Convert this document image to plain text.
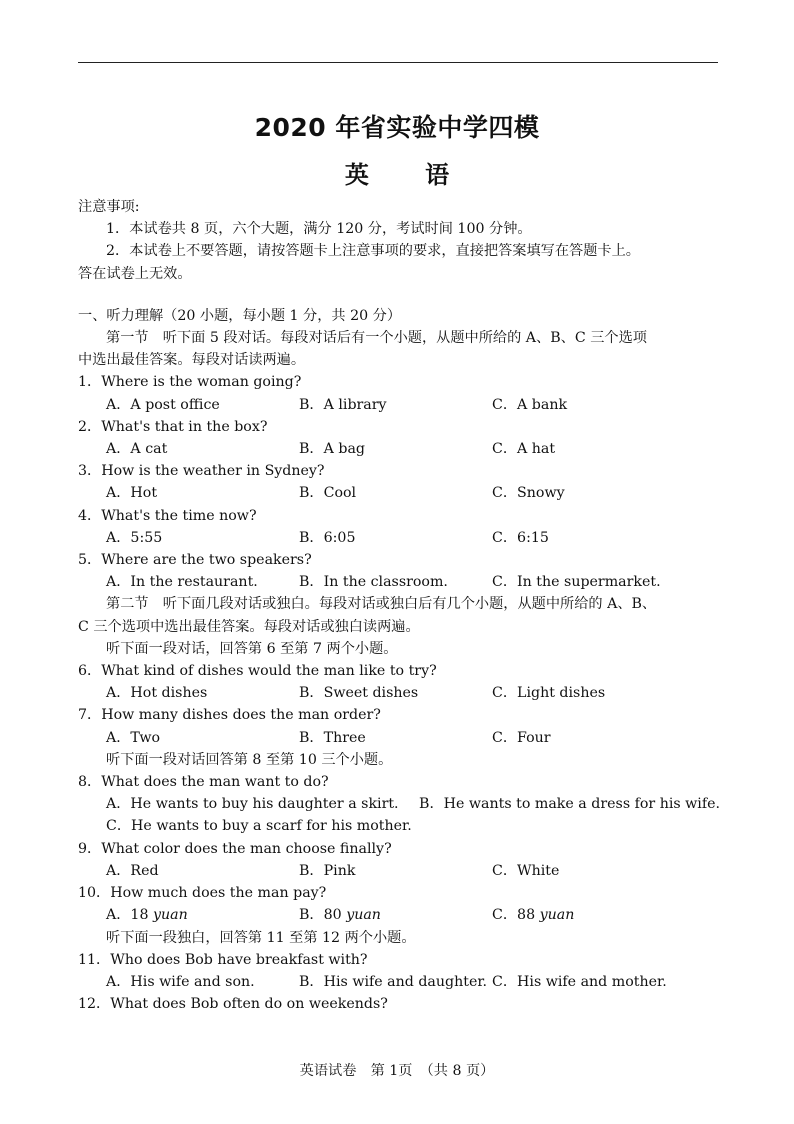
2020 年省实验中学四模
英 语
注意事项:
1．本试卷共 8 页，六个大题，满分 120 分，考试时间 100 分钟。
2．本试卷上不要答题，请按答题卡上注意事项的要求，直接把答案填写在答题卡上。
答在试卷上无效。
一、听力理解（20 小题，每小题 1 分，共 20 分）
第一节　听下面 5 段对话。每段对话后有一个小题，从题中所给的 A、B、C 三个选项
中选出最佳答案。每段对话读两遍。
1．Where is the woman going?
A．A post office	B．A library	C．A bank
2．What's that in the box?
A．A cat	B．A bag	C．A hat
3．How is the weather in Sydney?
A．Hot	B．Cool	C．Snowy
4．What's the time now?
A．5:55	B．6:05	C．6:15
5．Where are the two speakers?
A．In the restaurant.	B．In the classroom.	C．In the supermarket.
第二节　听下面几段对话或独白。每段对话或独白后有几个小题，从题中所给的 A、B、
C 三个选项中选出最佳答案。每段对话或独白读两遍。
听下面一段对话，回答第 6 至第 7 两个小题。
6．What kind of dishes would the man like to try?
A．Hot dishes	B．Sweet dishes	C．Light dishes
7．How many dishes does the man order?
A．Two	B．Three	C．Four
听下面一段对话回答第 8 至第 10 三个小题。
8．What does the man want to do?
A．He wants to buy his daughter a skirt.	B．He wants to make a dress for his wife.
C．He wants to buy a scarf for his mother.
9．What color does the man choose finally?
A．Red	B．Pink	C．White
10．How much does the man pay?
A．18 yuan	B．80 yuan	C．88 yuan
听下面一段独白，回答第 11 至第 12 两个小题。
11．Who does Bob have breakfast with?
A．His wife and son.	B．His wife and daughter. C．His wife and mother.
12．What does Bob often do on weekends?
英语试卷　第 1页　（共 8 页）
